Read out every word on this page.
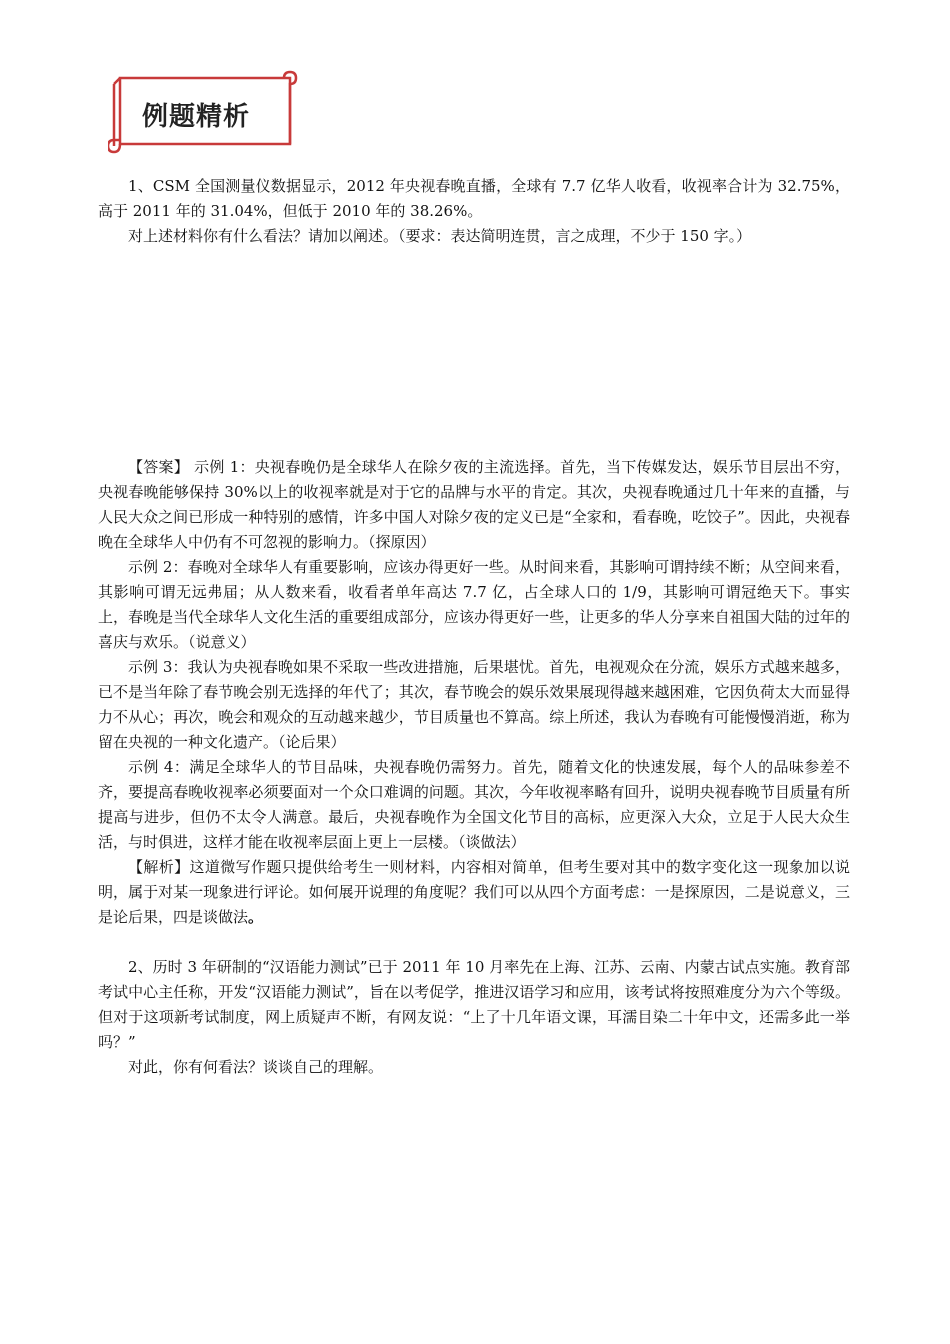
例题精析

1、CSM 全国测量仪数据显示，2012 年央视春晚直播，全球有 7.7 亿华人收看，收视率合计为 32.75%，高于 2011 年的 31.04%，但低于 2010 年的 38.26%。

对上述材料你有什么看法？请加以阐述。（要求：表达简明连贯，言之成理，不少于 150 字。）

【答案】 示例 1：央视春晚仍是全球华人在除夕夜的主流选择。首先，当下传媒发达，娱乐节目层出不穷，央视春晚能够保持 30%以上的收视率就是对于它的品牌与水平的肯定。其次，央视春晚通过几十年来的直播，与人民大众之间已形成一种特别的感情，许多中国人对除夕夜的定义已是“全家和，看春晚，吃饺子”。因此，央视春晚在全球华人中仍有不可忽视的影响力。（探原因）

示例 2：春晚对全球华人有重要影响，应该办得更好一些。从时间来看，其影响可谓持续不断；从空间来看，其影响可谓无远弗届；从人数来看，收看者单年高达 7.7 亿，占全球人口的 1/9，其影响可谓冠绝天下。事实上，春晚是当代全球华人文化生活的重要组成部分，应该办得更好一些，让更多的华人分享来自祖国大陆的过年的喜庆与欢乐。（说意义）

示例 3：我认为央视春晚如果不采取一些改进措施，后果堪忧。首先，电视观众在分流，娱乐方式越来越多，已不是当年除了春节晚会别无选择的年代了；其次，春节晚会的娱乐效果展现得越来越困难，它因负荷太大而显得力不从心；再次，晚会和观众的互动越来越少，节目质量也不算高。综上所述，我认为春晚有可能慢慢消逝，称为留在央视的一种文化遗产。（论后果）

示例 4：满足全球华人的节目品味，央视春晚仍需努力。首先，随着文化的快速发展，每个人的品味参差不齐，要提高春晚收视率必须要面对一个众口难调的问题。其次，今年收视率略有回升，说明央视春晚节目质量有所提高与进步，但仍不太令人满意。最后，央视春晚作为全国文化节目的高标，应更深入大众，立足于人民大众生活，与时俱进，这样才能在收视率层面上更上一层楼。（谈做法）

【解析】这道微写作题只提供给考生一则材料，内容相对简单，但考生要对其中的数字变化这一现象加以说明，属于对某一现象进行评论。如何展开说理的角度呢？我们可以从四个方面考虑：一是探原因，二是说意义，三是论后果，四是谈做法。

2、历时 3 年研制的“汉语能力测试”已于 2011 年 10 月率先在上海、江苏、云南、内蒙古试点实施。教育部考试中心主任称，开发“汉语能力测试”，旨在以考促学，推进汉语学习和应用，该考试将按照难度分为六个等级。但对于这项新考试制度，网上质疑声不断，有网友说：“上了十几年语文课，耳濡目染二十年中文，还需多此一举吗？”

对此，你有何看法？谈谈自己的理解。
